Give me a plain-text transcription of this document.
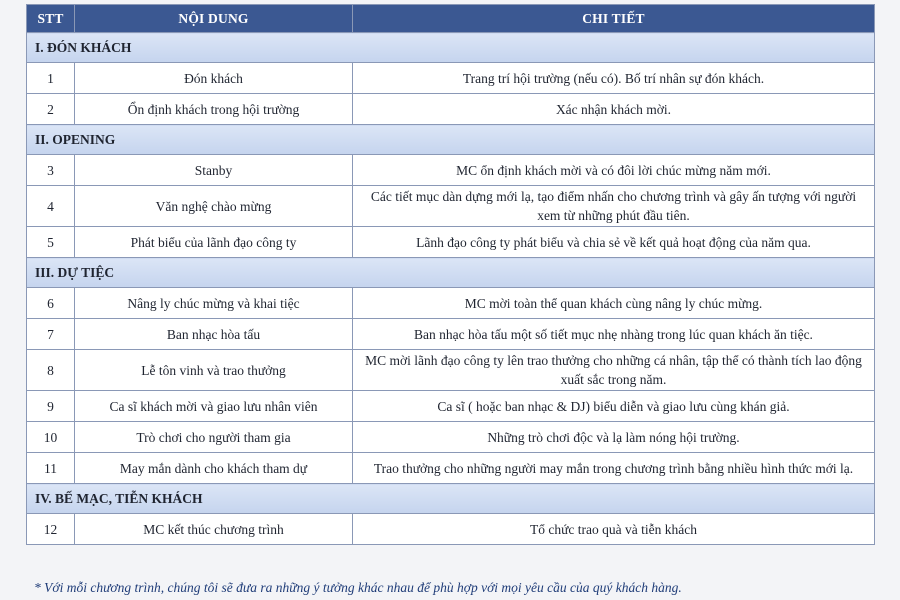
STT	NỘI DUNG	CHI TIẾT
I. ĐÓN KHÁCH		
1	Đón khách	Trang trí hội trường (nếu có). Bố trí nhân sự đón khách.
2	Ổn định khách trong hội trường	Xác nhận khách mời.
II. OPENING		
3	Stanby	MC ổn định khách mời và có đôi lời chúc mừng năm mới.
4	Văn nghệ chào mừng	Các tiết mục dàn dựng mới lạ, tạo điểm nhấn cho chương trình và gây ấn tượng với người xem từ những phút đầu tiên.
5	Phát biểu của lãnh đạo công ty	Lãnh đạo công ty phát biểu và chia sẻ về kết quả hoạt động của năm qua.
III. DỰ TIỆC		
6	Nâng ly chúc mừng và khai tiệc	MC mời toàn thể quan khách cùng nâng ly chúc mừng.
7	Ban nhạc hòa tấu	Ban nhạc hòa tấu một số tiết mục nhẹ nhàng trong lúc quan khách ăn tiệc.
8	Lễ tôn vinh và trao thưởng	MC mời lãnh đạo công ty lên trao thưởng cho những cá nhân, tập thể có thành tích lao động xuất sắc trong năm.
9	Ca sĩ khách mời và giao lưu nhân viên	Ca sĩ ( hoặc ban nhạc & DJ) biểu diễn và giao lưu cùng khán giả.
10	Trò chơi cho người tham gia	Những trò chơi độc và lạ làm nóng hội trường.
11	May mắn dành cho khách tham dự	Trao thưởng cho những người may mắn trong chương trình bằng nhiều hình thức mới lạ.
IV. BẾ MẠC, TIỄN KHÁCH		
12	MC kết thúc chương trình	Tổ chức trao quà và tiễn khách
* Với mỗi chương trình, chúng tôi sẽ đưa ra những ý tưởng khác nhau để phù hợp với mọi yêu cầu của quý khách hàng.
